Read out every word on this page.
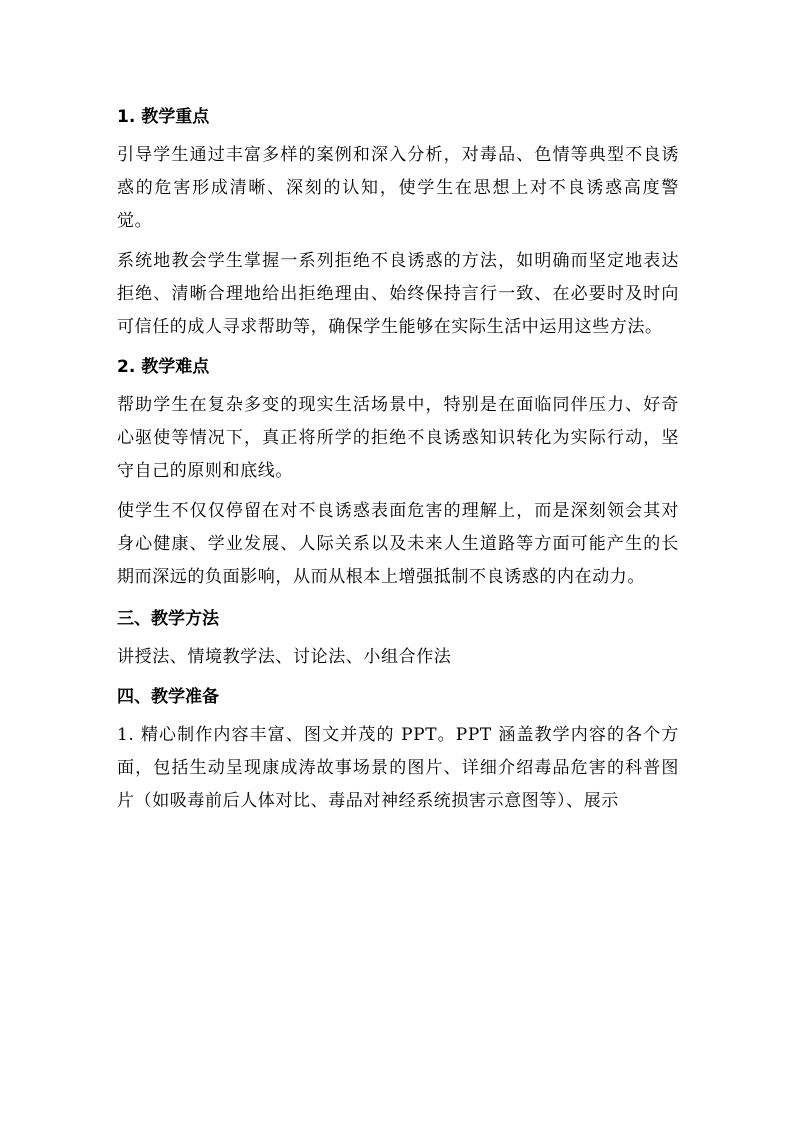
1. 教学重点

引导学生通过丰富多样的案例和深入分析，对毒品、色情等典型不良诱惑的危害形成清晰、深刻的认知，使学生在思想上对不良诱惑高度警觉。

系统地教会学生掌握一系列拒绝不良诱惑的方法，如明确而坚定地表达拒绝、清晰合理地给出拒绝理由、始终保持言行一致、在必要时及时向可信任的成人寻求帮助等，确保学生能够在实际生活中运用这些方法。

2. 教学难点

帮助学生在复杂多变的现实生活场景中，特别是在面临同伴压力、好奇心驱使等情况下，真正将所学的拒绝不良诱惑知识转化为实际行动，坚守自己的原则和底线。

使学生不仅仅停留在对不良诱惑表面危害的理解上，而是深刻领会其对身心健康、学业发展、人际关系以及未来人生道路等方面可能产生的长期而深远的负面影响，从而从根本上增强抵制不良诱惑的内在动力。

三、教学方法

讲授法、情境教学法、讨论法、小组合作法

四、教学准备

1. 精心制作内容丰富、图文并茂的 PPT。PPT 涵盖教学内容的各个方面，包括生动呈现康成涛故事场景的图片、详细介绍毒品危害的科普图片（如吸毒前后人体对比、毒品对神经系统损害示意图等）、展示
